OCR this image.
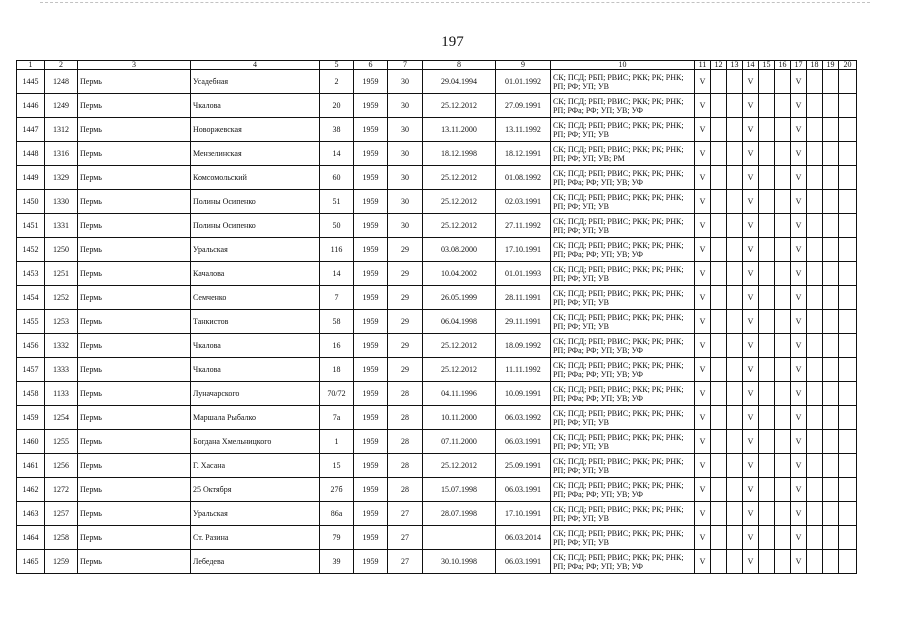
197
1	2	3	4	5	6	7	8	9	10	11	12	13	14	15	16	17	18	19	20
1445	1248	Пермь	Усадебная	2	1959	30	29.04.1994	01.01.1992	СК; ПСД; РБП; РВИС; РКК; РК; РНК; РП; РФ; УП; УВ	V			V			V			
1446	1249	Пермь	Чкалова	20	1959	30	25.12.2012	27.09.1991	СК; ПСД; РБП; РВИС; РКК; РК; РНК; РП; РФа; РФ; УП; УВ; УФ	V			V			V			
1447	1312	Пермь	Новоржевская	38	1959	30	13.11.2000	13.11.1992	СК; ПСД; РБП; РВИС; РКК; РК; РНК; РП; РФ; УП; УВ	V			V			V			
1448	1316	Пермь	Мензелинская	14	1959	30	18.12.1998	18.12.1991	СК; ПСД; РБП; РВИС; РКК; РК; РНК; РП; РФ; УП; УВ; РМ	V			V			V			
1449	1329	Пермь	Комсомольский	60	1959	30	25.12.2012	01.08.1992	СК; ПСД; РБП; РВИС; РКК; РК; РНК; РП; РФа; РФ; УП; УВ; УФ	V			V			V			
1450	1330	Пермь	Полины Осипенко	51	1959	30	25.12.2012	02.03.1991	СК; ПСД; РБП; РВИС; РКК; РК; РНК; РП; РФ; УП; УВ	V			V			V			
1451	1331	Пермь	Полины Осипенко	50	1959	30	25.12.2012	27.11.1992	СК; ПСД; РБП; РВИС; РКК; РК; РНК; РП; РФ; УП; УВ	V			V			V			
1452	1250	Пермь	Уральская	116	1959	29	03.08.2000	17.10.1991	СК; ПСД; РБП; РВИС; РКК; РК; РНК; РП; РФа; РФ; УП; УВ; УФ	V			V			V			
1453	1251	Пермь	Качалова	14	1959	29	10.04.2002	01.01.1993	СК; ПСД; РБП; РВИС; РКК; РК; РНК; РП; РФ; УП; УВ	V			V			V			
1454	1252	Пермь	Семченко	7	1959	29	26.05.1999	28.11.1991	СК; ПСД; РБП; РВИС; РКК; РК; РНК; РП; РФ; УП; УВ	V			V			V			
1455	1253	Пермь	Танкистов	58	1959	29	06.04.1998	29.11.1991	СК; ПСД; РБП; РВИС; РКК; РК; РНК; РП; РФ; УП; УВ	V			V			V			
1456	1332	Пермь	Чкалова	16	1959	29	25.12.2012	18.09.1992	СК; ПСД; РБП; РВИС; РКК; РК; РНК; РП; РФа; РФ; УП; УВ; УФ	V			V			V			
1457	1333	Пермь	Чкалова	18	1959	29	25.12.2012	11.11.1992	СК; ПСД; РБП; РВИС; РКК; РК; РНК; РП; РФа; РФ; УП; УВ; УФ	V			V			V			
1458	1133	Пермь	Луначарского	70/72	1959	28	04.11.1996	10.09.1991	СК; ПСД; РБП; РВИС; РКК; РК; РНК; РП; РФа; РФ; УП; УВ; УФ	V			V			V			
1459	1254	Пермь	Маршала Рыбалко	7а	1959	28	10.11.2000	06.03.1992	СК; ПСД; РБП; РВИС; РКК; РК; РНК; РП; РФ; УП; УВ	V			V			V			
1460	1255	Пермь	Богдана Хмельницкого	1	1959	28	07.11.2000	06.03.1991	СК; ПСД; РБП; РВИС; РКК; РК; РНК; РП; РФ; УП; УВ	V			V			V			
1461	1256	Пермь	Г. Хасана	15	1959	28	25.12.2012	25.09.1991	СК; ПСД; РБП; РВИС; РКК; РК; РНК; РП; РФ; УП; УВ	V			V			V			
1462	1272	Пермь	25 Октября	27б	1959	28	15.07.1998	06.03.1991	СК; ПСД; РБП; РВИС; РКК; РК; РНК; РП; РФа; РФ; УП; УВ; УФ	V			V			V			
1463	1257	Пермь	Уральская	86а	1959	27	28.07.1998	17.10.1991	СК; ПСД; РБП; РВИС; РКК; РК; РНК; РП; РФ; УП; УВ	V			V			V			
1464	1258	Пермь	Ст. Разина	79	1959	27		06.03.2014	СК; ПСД; РБП; РВИС; РКК; РК; РНК; РП; РФ; УП; УВ	V			V			V			
1465	1259	Пермь	Лебедева	39	1959	27	30.10.1998	06.03.1991	СК; ПСД; РБП; РВИС; РКК; РК; РНК; РП; РФа; РФ; УП; УВ; УФ	V			V			V			
